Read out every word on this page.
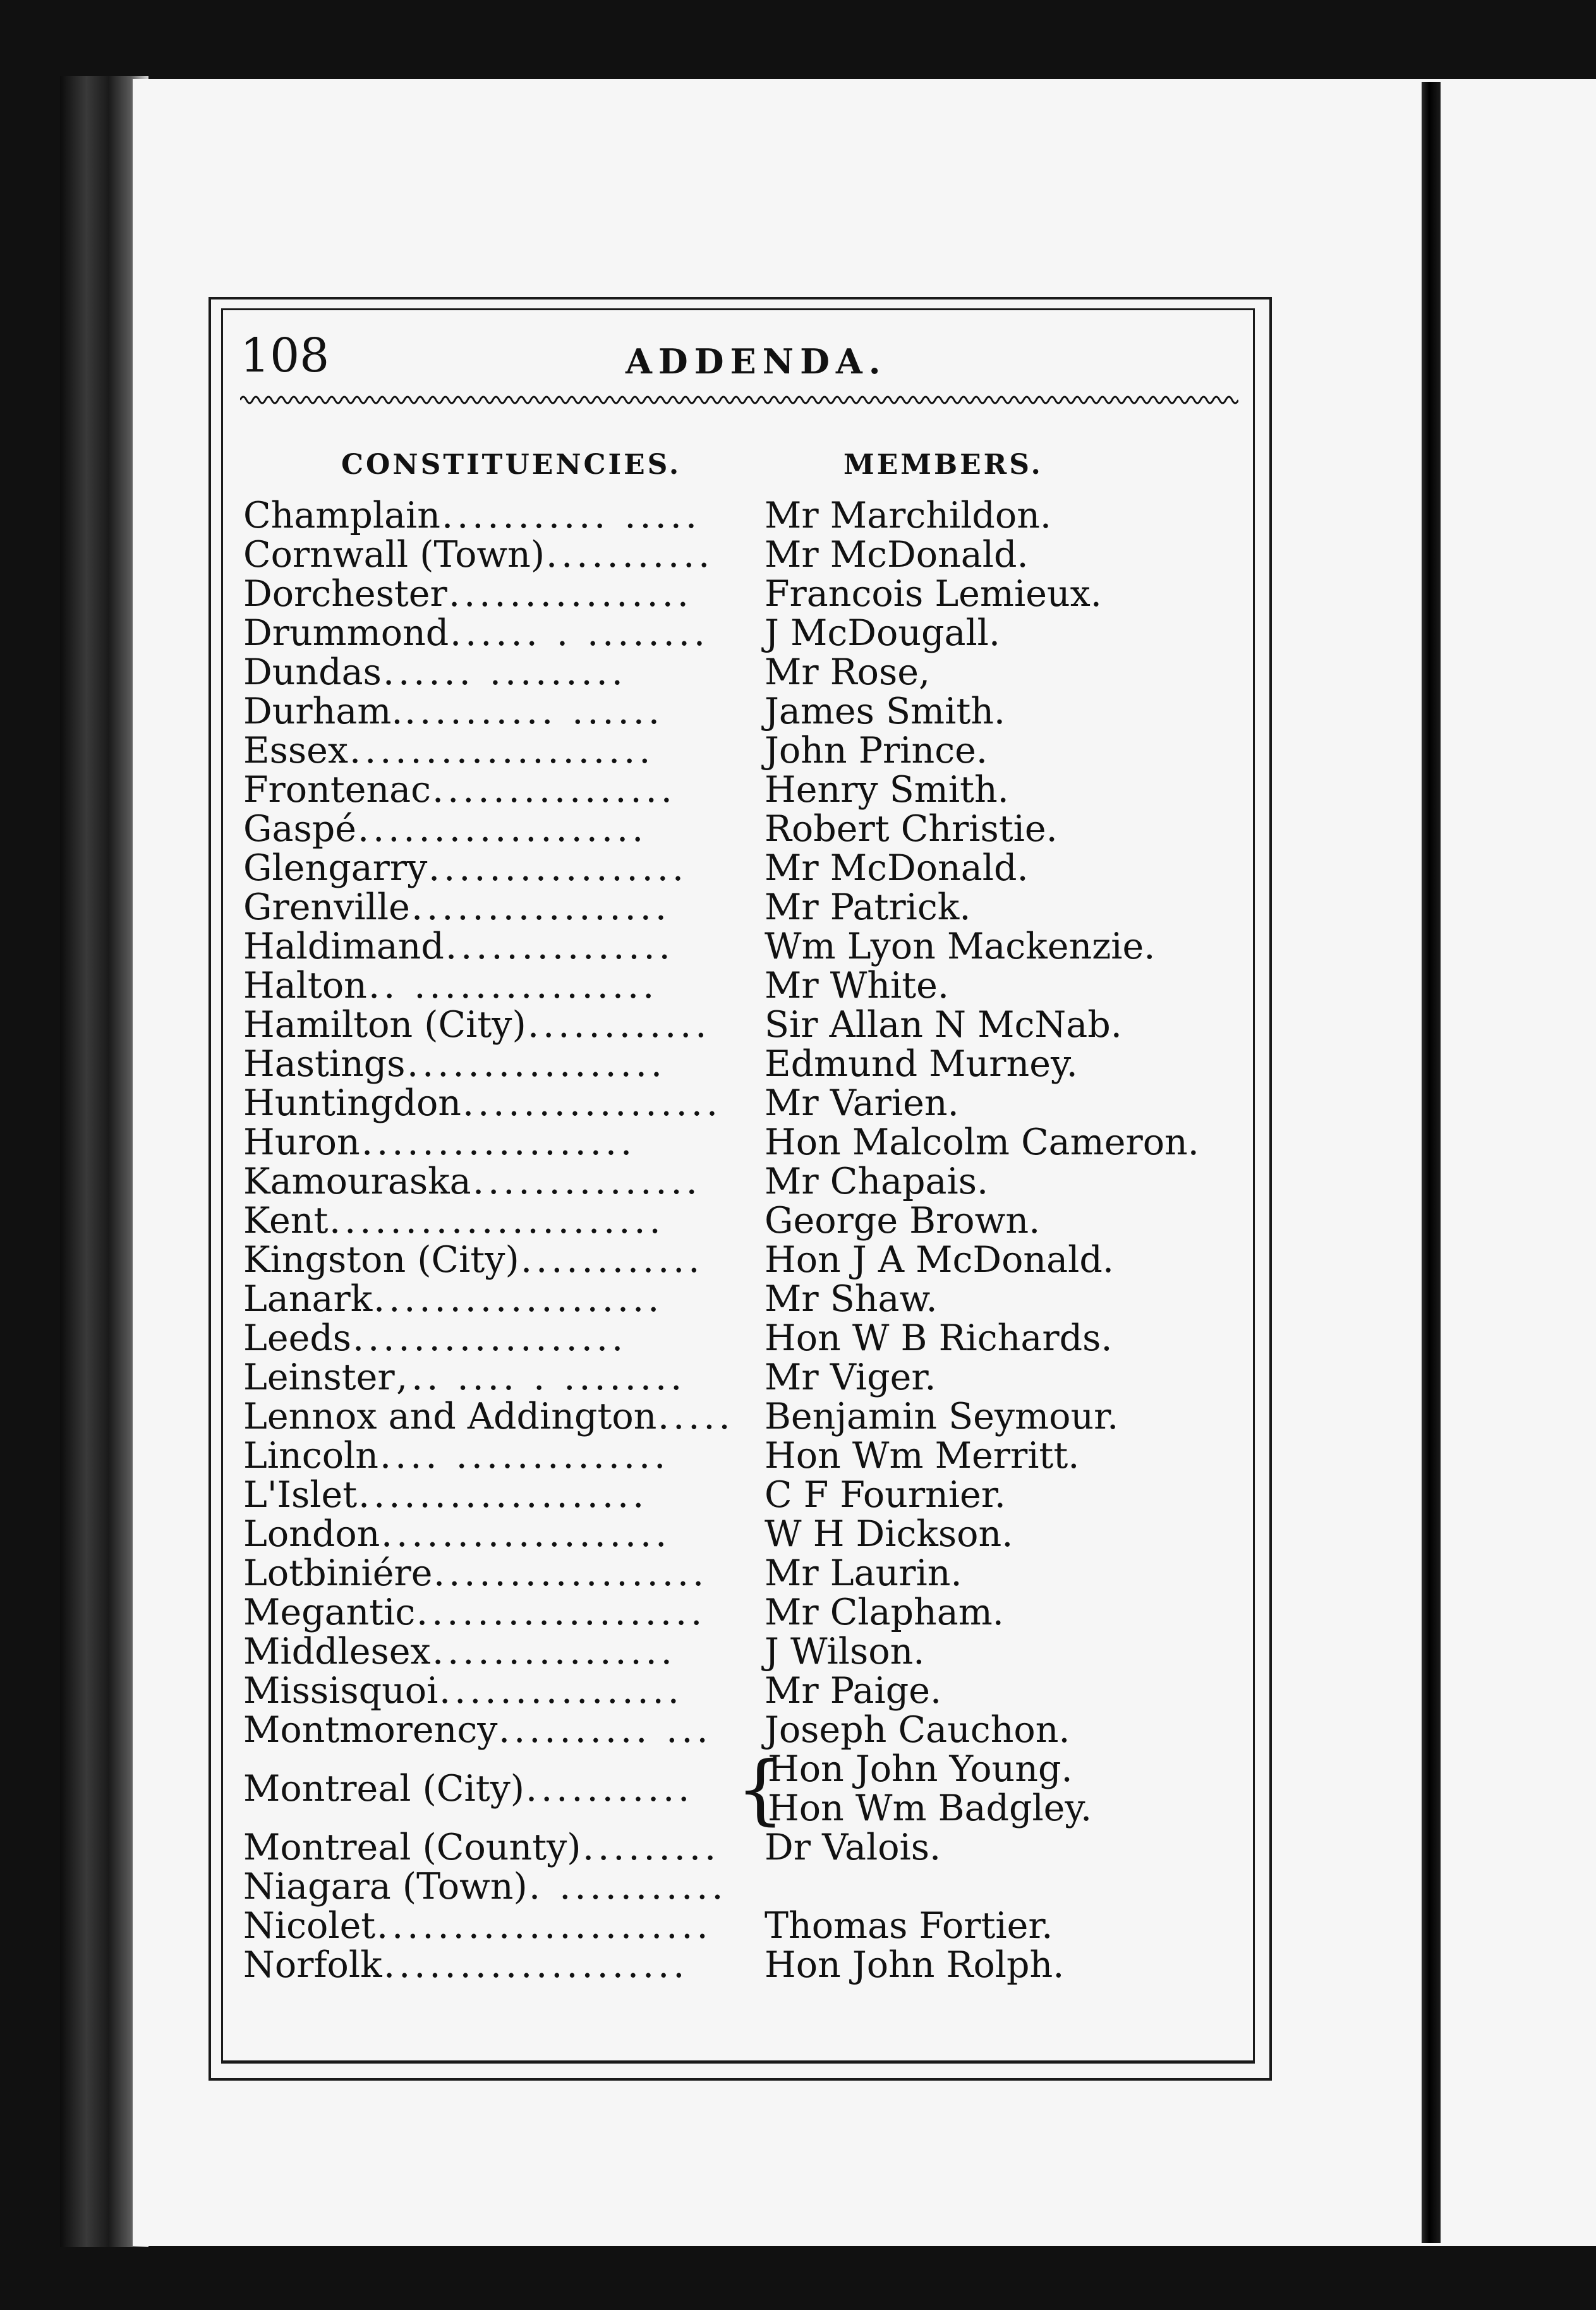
108	ADDENDA.
CONSTITUENCIES.	MEMBERS.
Champlain ........... ..... Mr Marchildon.
Cornwall (Town) ........... Mr McDonald.
Dorchester ................ Francois Lemieux.
Drummond ...... . ........ J McDougall.
Dundas ...... .........	Mr Rose,
Durham. .......... ......	James Smith.
Essex ....................	John Prince.
Frontenac ................ Henry Smith.
Gaspé ...................	Robert Christie.
Glengarry ................. Mr McDonald.
Grenville .................	Mr Patrick.
Haldimand ...............	Wm Lyon Mackenzie.
Halton .. ................	Mr White.
Hamilton (City) ............ Sir Allan N McNab.
Hastings .................	Edmund Murney.
Huntingdon ................. Mr Varien.
Huron ..................	Hon Malcolm Cameron.
Kamouraska ............... Mr Chapais.
Kent ......................	George Brown.
Kingston (City) ............ Hon J A McDonald.
Lanark ...................	Mr Shaw.
Leeds ..................	Hon W B Richards.
Leinster ,.. .... . ........ Mr Viger.
Lennox and Addington ..... Benjamin Seymour.
Lincoln .... ..............	Hon Wm Merritt.
L'Islet ...................	C F Fournier.
London ...................	W H Dickson.
Lotbiniére .................. Mr Laurin.
Megantic ................... Mr Clapham.
Middlesex ................ J Wilson.
Missisquoi ................ Mr Paige.
Montmorency .......... ... Joseph Cauchon.
Montreal (City) ........... {
Hon John Young.
Hon Wm Badgley.
Montreal (County) ......... Dr Valois.
Niagara (Town) . ...........
Nicolet ...................... Thomas Fortier.
Norfolk .................... Hon John Rolph.
